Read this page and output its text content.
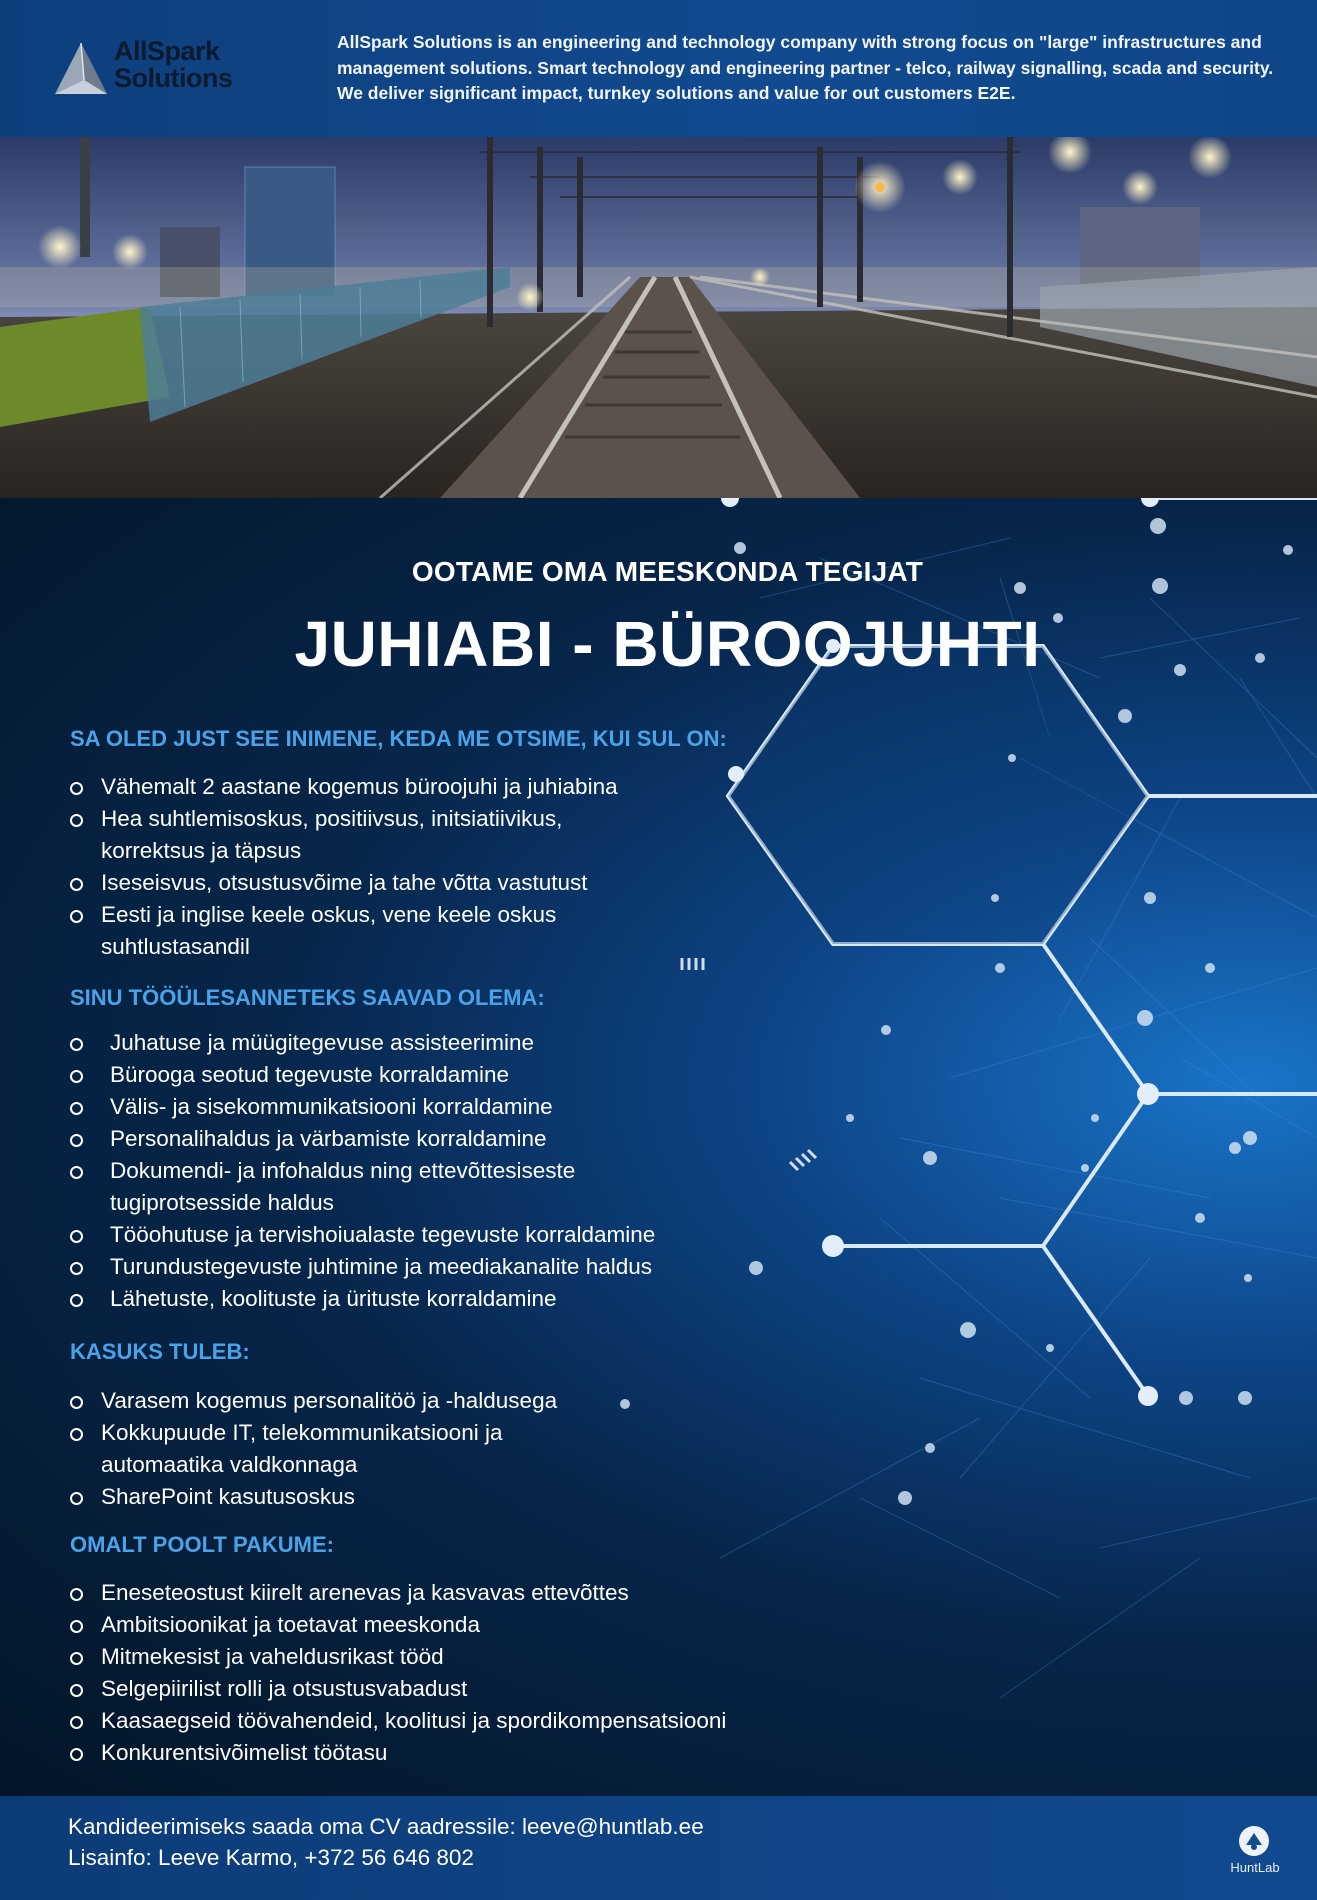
AllSpark
Solutions
AllSpark Solutions is an engineering and technology company with strong focus on "large" infrastructures and management solutions. Smart technology and engineering partner - telco, railway signalling, scada and security. We deliver significant impact, turnkey solutions and value for out customers E2E.
OOTAME OMA MEESKONDA TEGIJAT
JUHIABI - BÜROOJUHTI
SA OLED JUST SEE INIMENE, KEDA ME OTSIME, KUI SUL ON:
Vähemalt 2 aastane kogemus büroojuhi ja juhiabina
Hea suhtlemisoskus, positiivsus, initsiatiivikus,
korrektsus ja täpsus
Iseseisvus, otsustusvõime ja tahe võtta vastutust
Eesti ja inglise keele oskus, vene keele oskus
suhtlustasandil
SINU TÖÖÜLESANNETEKS SAAVAD OLEMA:
Juhatuse ja müügitegevuse assisteerimine
Bürooga seotud tegevuste korraldamine
Välis- ja sisekommunikatsiooni korraldamine
Personalihaldus ja värbamiste korraldamine
Dokumendi- ja infohaldus ning ettevõttesiseste
tugiprotsesside haldus
Tööohutuse ja tervishoiualaste tegevuste korraldamine
Turundustegevuste juhtimine ja meediakanalite haldus
Lähetuste, koolituste ja ürituste korraldamine
KASUKS TULEB:
Varasem kogemus personalitöö ja -haldusega
Kokkupuude IT, telekommunikatsiooni ja
automaatika valdkonnaga
SharePoint kasutusoskus
OMALT POOLT PAKUME:
Eneseteostust kiirelt arenevas ja kasvavas ettevõttes
Ambitsioonikat ja toetavat meeskonda
Mitmekesist ja vaheldusrikast tööd
Selgepiirilist rolli ja otsustusvabadust
Kaasaegseid töövahendeid, koolitusi ja spordikompensatsiooni
Konkurentsivõimelist töötasu
Kandideerimiseks saada oma CV aadressile: leeve@huntlab.ee
Lisainfo: Leeve Karmo, +372 56 646 802	HuntLab
